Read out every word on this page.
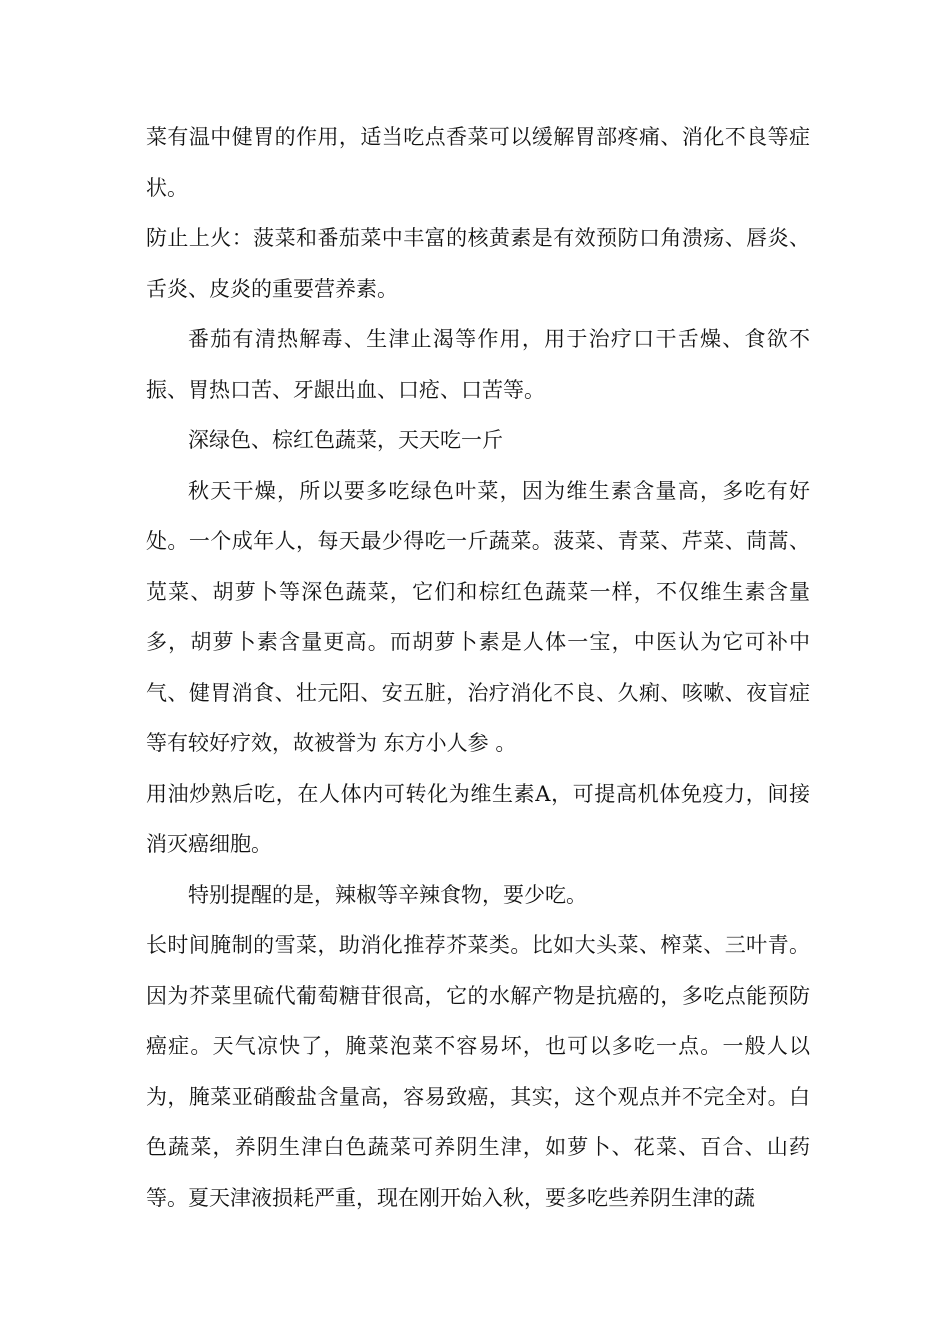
菜有温中健胃的作用，适当吃点香菜可以缓解胃部疼痛、消化不良等症状。

防止上火：菠菜和番茄菜中丰富的核黄素是有效预防口角溃疡、唇炎、舌炎、皮炎的重要营养素。

番茄有清热解毒、生津止渴等作用，用于治疗口干舌燥、食欲不振、胃热口苦、牙龈出血、口疮、口苦等。

深绿色、棕红色蔬菜，天天吃一斤

秋天干燥，所以要多吃绿色叶菜，因为维生素含量高，多吃有好处。一个成年人，每天最少得吃一斤蔬菜。菠菜、青菜、芹菜、茼蒿、苋菜、胡萝卜等深色蔬菜，它们和棕红色蔬菜一样，不仅维生素含量多，胡萝卜素含量更高。而胡萝卜素是人体一宝，中医认为它可补中气、健胃消食、壮元阳、安五脏，治疗消化不良、久痢、咳嗽、夜盲症等有较好疗效，故被誉为 东方小人参 。

用油炒熟后吃，在人体内可转化为维生素A，可提高机体免疫力，间接消灭癌细胞。

特别提醒的是，辣椒等辛辣食物，要少吃。

长时间腌制的雪菜，助消化推荐芥菜类。比如大头菜、榨菜、三叶青。因为芥菜里硫代葡萄糖苷很高，它的水解产物是抗癌的，多吃点能预防癌症。天气凉快了，腌菜泡菜不容易坏，也可以多吃一点。一般人以为，腌菜亚硝酸盐含量高，容易致癌，其实，这个观点并不完全对。白色蔬菜，养阴生津白色蔬菜可养阴生津，如萝卜、花菜、百合、山药等。夏天津液损耗严重，现在刚开始入秋，要多吃些养阴生津的蔬
